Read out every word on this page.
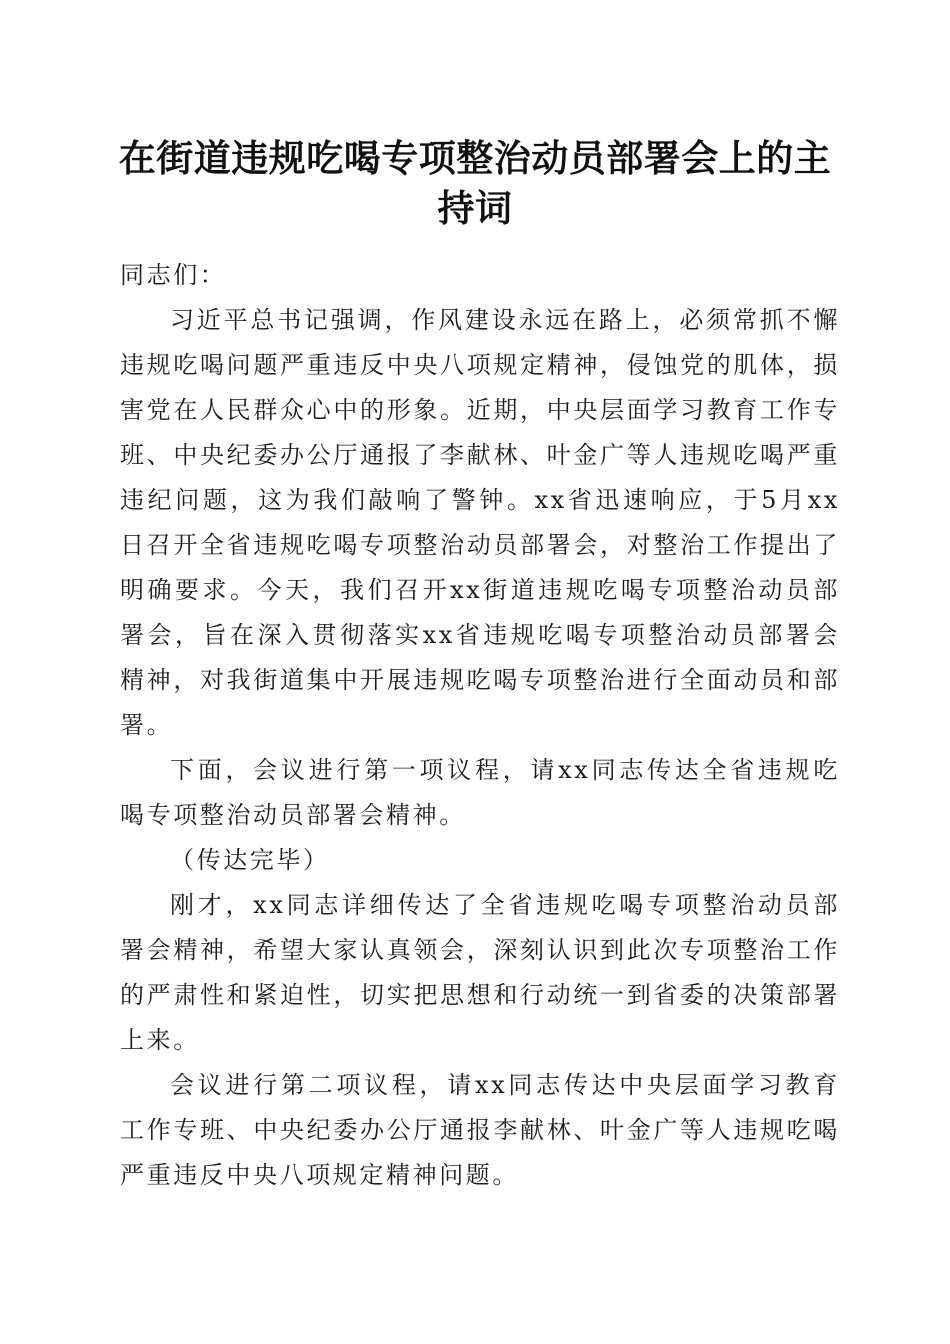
在街道违规吃喝专项整治动员部署会上的主持词

同志们：

习近平总书记强调，作风建设永远在路上，必须常抓不懈违规吃喝问题严重违反中央八项规定精神，侵蚀党的肌体，损害党在人民群众心中的形象。近期，中央层面学习教育工作专班、中央纪委办公厅通报了李献林、叶金广等人违规吃喝严重违纪问题，这为我们敲响了警钟。xx省迅速响应，于5月xx日召开全省违规吃喝专项整治动员部署会，对整治工作提出了明确要求。今天，我们召开xx街道违规吃喝专项整治动员部署会，旨在深入贯彻落实xx省违规吃喝专项整治动员部署会精神，对我街道集中开展违规吃喝专项整治进行全面动员和部署。

下面，会议进行第一项议程，请xx同志传达全省违规吃喝专项整治动员部署会精神。

（传达完毕）

刚才，xx同志详细传达了全省违规吃喝专项整治动员部署会精神，希望大家认真领会，深刻认识到此次专项整治工作的严肃性和紧迫性，切实把思想和行动统一到省委的决策部署上来。

会议进行第二项议程，请xx同志传达中央层面学习教育工作专班、中央纪委办公厅通报李献林、叶金广等人违规吃喝严重违反中央八项规定精神问题。
